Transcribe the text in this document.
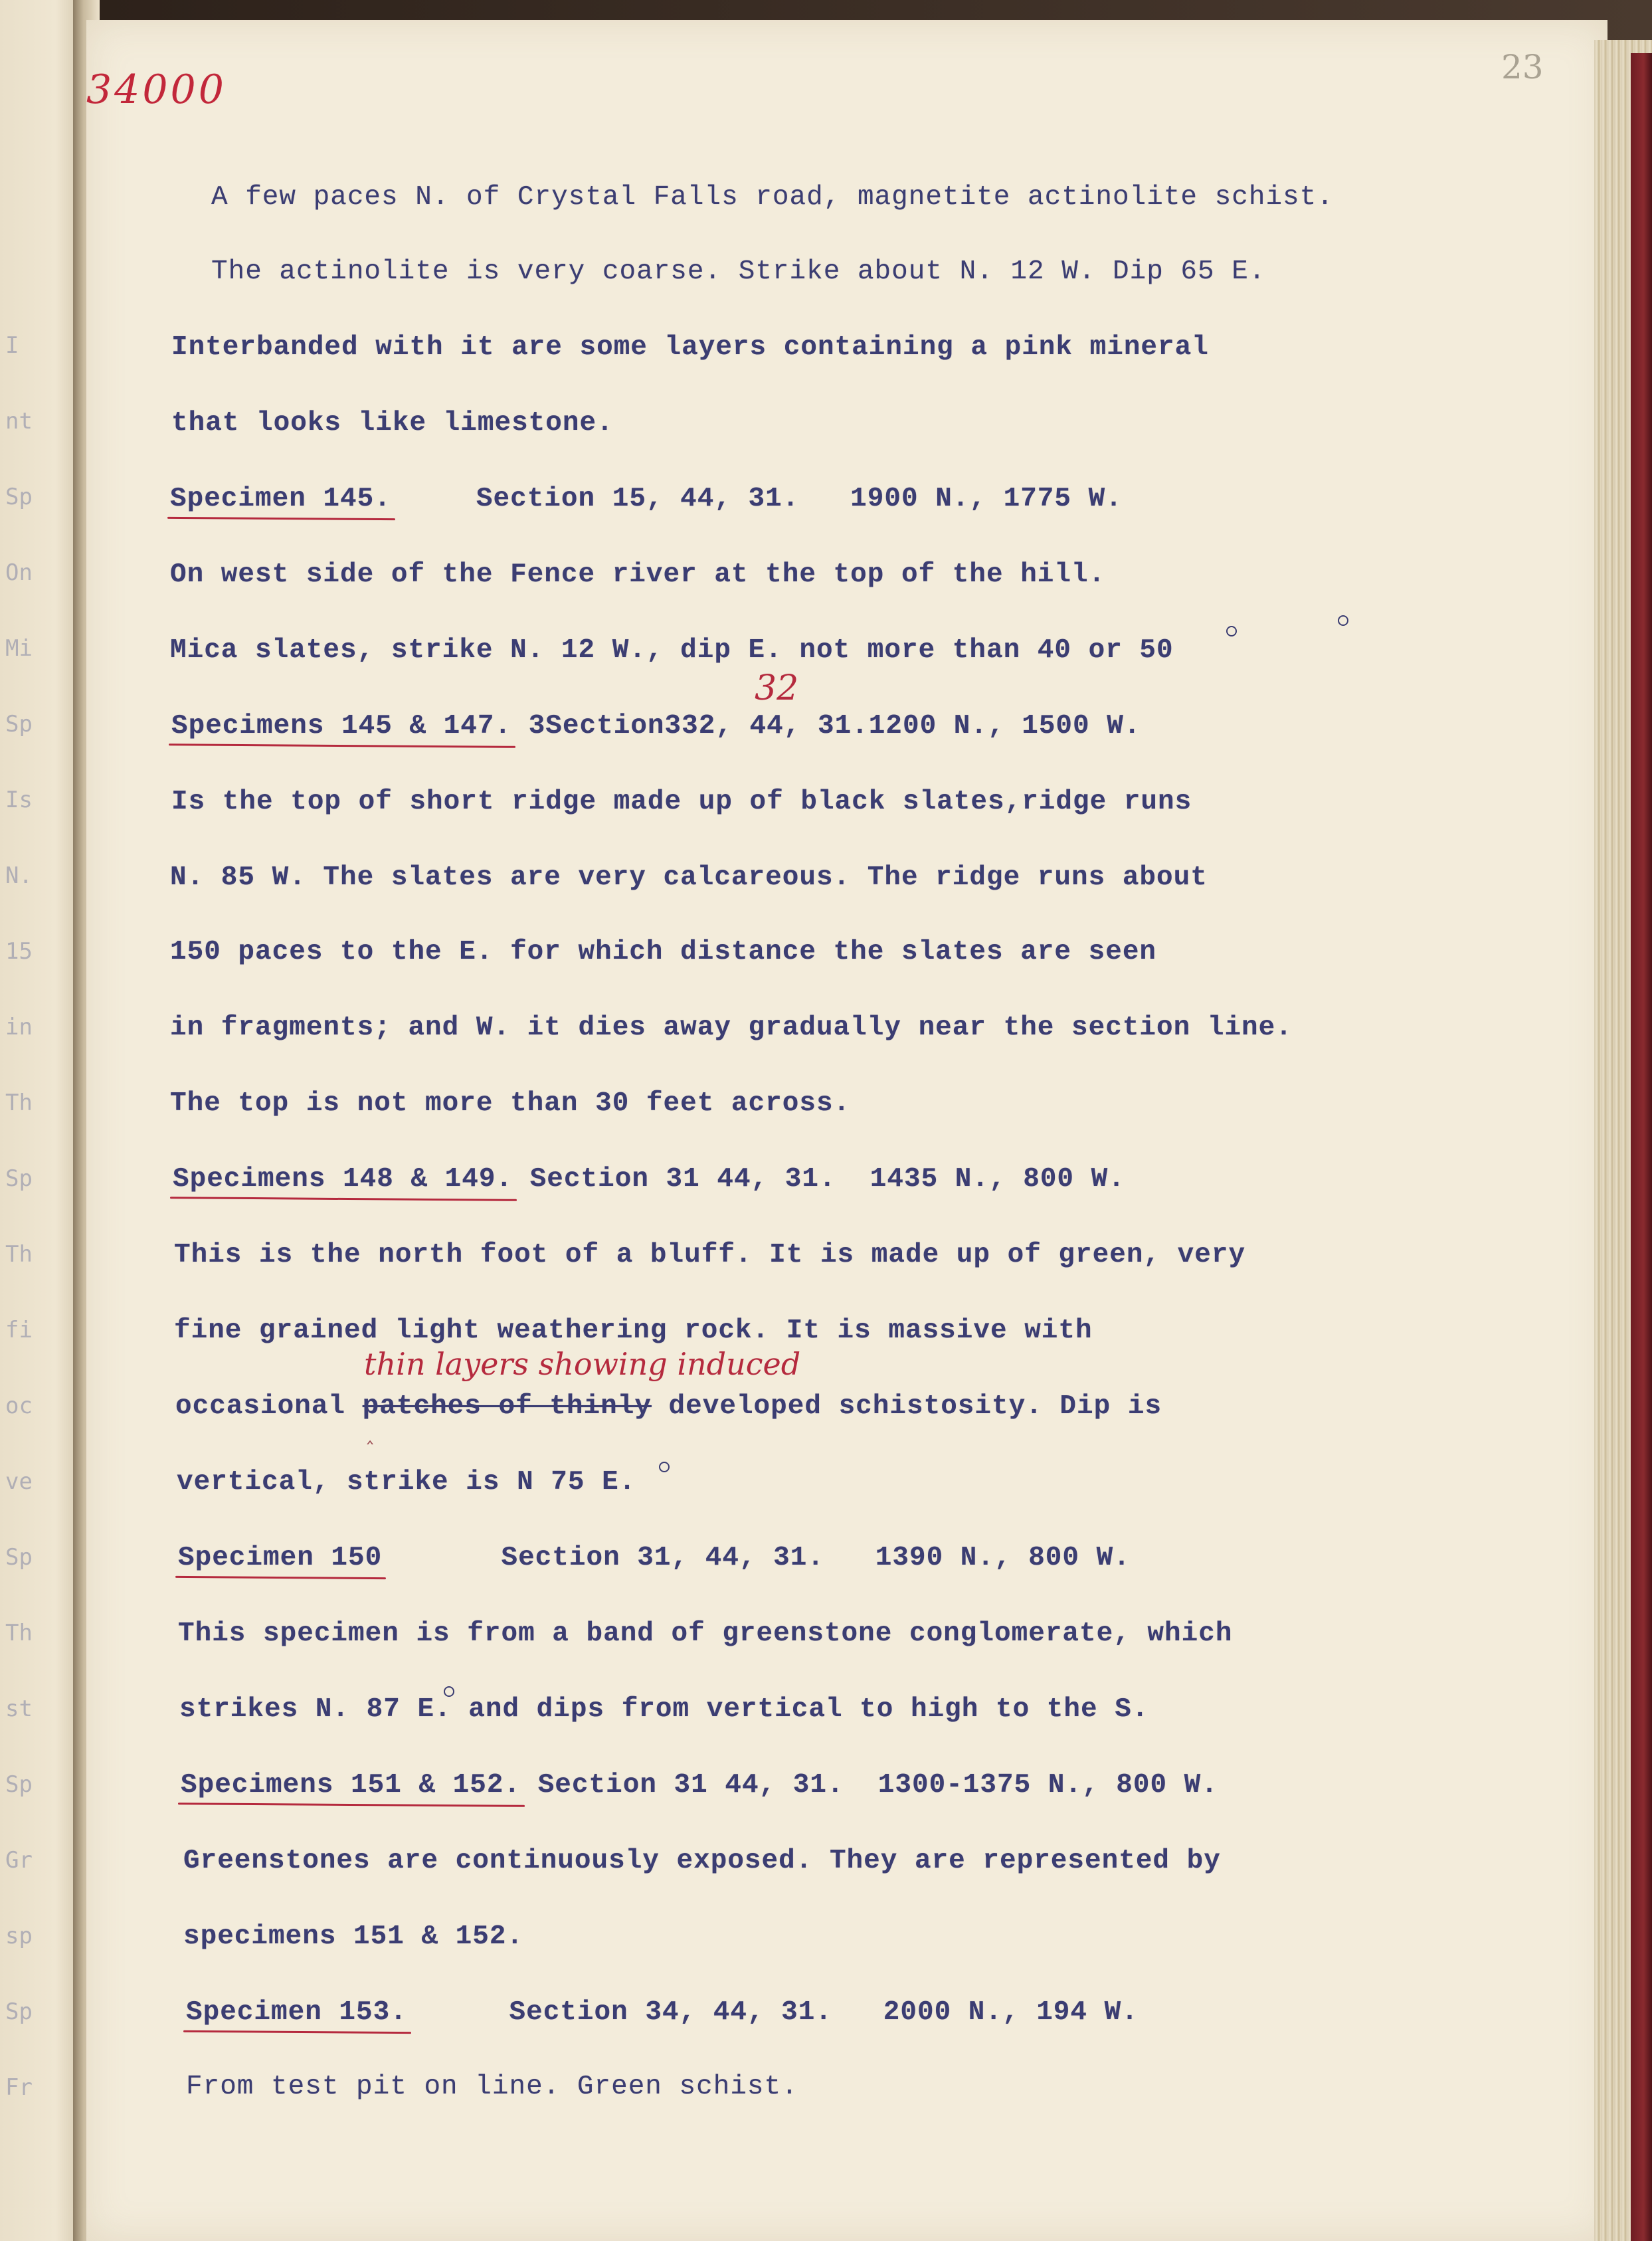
I
nt
Sp
On
Mi
Sp
Is
N.
15
in
Th
Sp
Th
fi
oc
ve
Sp
Th
st
Sp
Gr
sp
Sp
Fr
23
34000
A few paces N. of Crystal Falls road, magnetite actinolite schist.
The actinolite is very coarse. Strike about N. 12 W. Dip 65 E.
Interbanded with it are some layers containing a pink mineral
that looks like limestone.
Specimen 145.     Section 15, 44, 31.   1900 N., 1775 W.
On west side of the Fence river at the top of the hill.
Mica slates, strike N. 12 W., dip E. not more than 40 or 50
32
Specimens 145 & 147. 3Section332, 44, 31.1200 N., 1500 W.
Is the top of short ridge made up of black slates,ridge runs
N. 85 W. The slates are very calcareous. The ridge runs about
150 paces to the E. for which distance the slates are seen
in fragments; and W. it dies away gradually near the section line.
The top is not more than 30 feet across.
Specimens 148 & 149. Section 31 44, 31.  1435 N., 800 W.
This is the north foot of a bluff. It is made up of green, very
fine grained light weathering rock. It is massive with
thin layers showing induced
occasional patches of thinly developed schistosity. Dip is
‸
vertical, strike is N 75 E.
Specimen 150       Section 31, 44, 31.   1390 N., 800 W.
This specimen is from a band of greenstone conglomerate, which
strikes N. 87 E. and dips from vertical to high to the S.
Specimens 151 & 152. Section 31 44, 31.  1300-1375 N., 800 W.
Greenstones are continuously exposed. They are represented by
specimens 151 & 152.
Specimen 153.      Section 34, 44, 31.   2000 N., 194 W.
From test pit on line. Green schist.
